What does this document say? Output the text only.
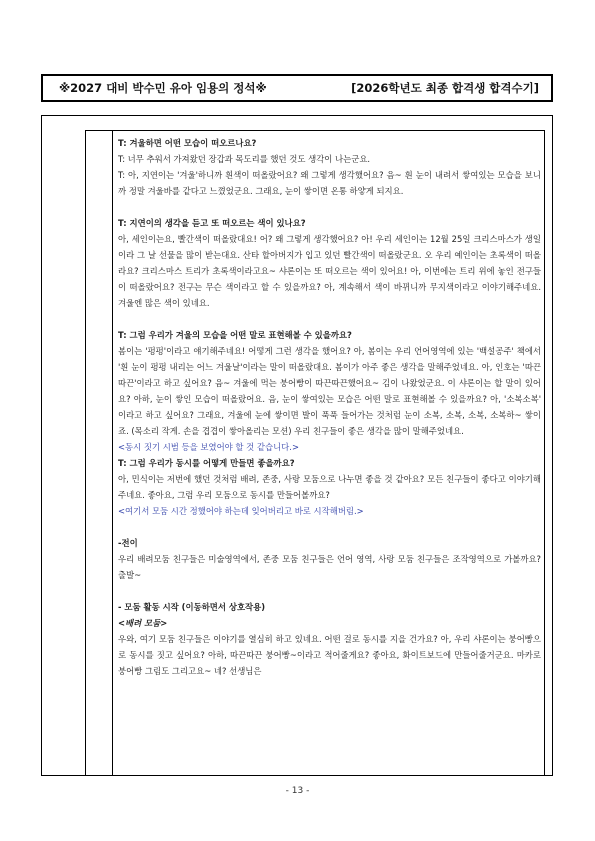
※2027 대비 박수민 유아 임용의 정석※	[2026학년도 최종 합격생 합격수기]

T: 겨울하면 어떤 모습이 떠오르나요?

T: 너무 추워서 가져왔던 장갑과 목도리를 했던 것도 생각이 나는군요.

T: 아, 지연이는 '겨울'하니까 흰색이 떠올랐어요? 왜 그렇게 생각했어요? 음~ 흰 눈이 내려서 쌓여있는 모습을 보니까 정말 겨울바를 같다고 느꼈었군요. 그래요, 눈이 쌓이면 온통 하얗게 되지요.

T: 지연이의 생각을 듣고 또 떠오르는 색이 있나요?

아, 세인이는요, 빨간색이 떠올랐대요! 어? 왜 그렇게 생각했어요? 아! 우리 세인이는 12월 25일 크리스마스가 생일이라 그 날 선물을 많이 받는대요. 산타 할아버지가 입고 있던 빨간색이 떠올랐군요. 오 우리 예인이는 초록색이 떠올라요? 크리스마스 트리가 초록색이라고요~ 샤론이는 또 떠오르는 색이 있어요! 아, 이번에는 트리 위에 놓인 전구들이 떠올랐어요? 전구는 무슨 색이라고 할 수 있을까요? 아, 계속해서 색이 바뀌니까 무지색이라고 이야기해주네요. 겨울엔 많은 색이 있네요.

T: 그럼 우리가 겨울의 모습을 어떤 말로 표현해볼 수 있을까요?

봄이는 '펑펑'이라고 얘기해주네요! 어떻게 그런 생각을 했어요? 아, 봄이는 우리 언어영역에 있는 '백설공주' 책에서 '흰 눈이 펑펑 내리는 어느 겨울날'이라는 말이 떠올랐대요. 봄이가 아주 좋은 생각을 말해주었네요. 아, 인호는 '따끈따끈'이라고 하고 싶어요? 음~ 겨울에 먹는 붕어빵이 따끈따끈했어요~ 김이 나왔었군요. 이 샤론이는 할 말이 있어요? 아하, 눈이 쌓인 모습이 떠올랐어요. 음, 눈이 쌓여있는 모습은 어떤 말로 표현해볼 수 있을까요? 아, '소복소복' 이라고 하고 싶어요? 그래요, 겨울에 눈에 쌓이면 발이 푹푹 들어가는 것처럼 눈이 소복, 소복, 소복, 소복하~ 쌓이죠. (목소리 작게. 손을 겹겹이 쌓아올리는 모션) 우리 친구들이 좋은 생각을 많이 말해주었네요.

<동시 짓기 시범 등을 보였어야 할 것 같습니다.>

T: 그럼 우리가 동시를 어떻게 만들면 좋을까요?

아, 민식이는 저번에 했던 것처럼 배려, 존중, 사랑 모둠으로 나누면 좋을 것 같아요? 모든 친구들이 좋다고 이야기해주네요. 좋아요, 그럼 우리 모둠으로 동시를 만들어볼까요?

<여기서 모둠 시간 정했어야 하는데 잊어버리고 바로 시작해버림.>

-전이

우리 배려모둠 친구들은 미술영역에서, 존중 모둠 친구들은 언어 영역, 사랑 모둠 친구들은 조작영역으로 가볼까요? 출발~

- 모둠 활동 시작 (이동하면서 상호작용)

<배려 모둠>

우와, 여기 모둠 친구들은 이야기를 열심히 하고 있네요. 어떤 걸로 동시를 지을 건가요? 아, 우리 샤론이는 붕어빵으로 동시를 짓고 싶어요? 아하, 따끈따끈 붕어빵~이라고 적어줄게요? 좋아요, 화이트보드에 만들어줄거군요. 마카로 붕어빵 그림도 그리고요~ 네? 선생님은

- 13 -
